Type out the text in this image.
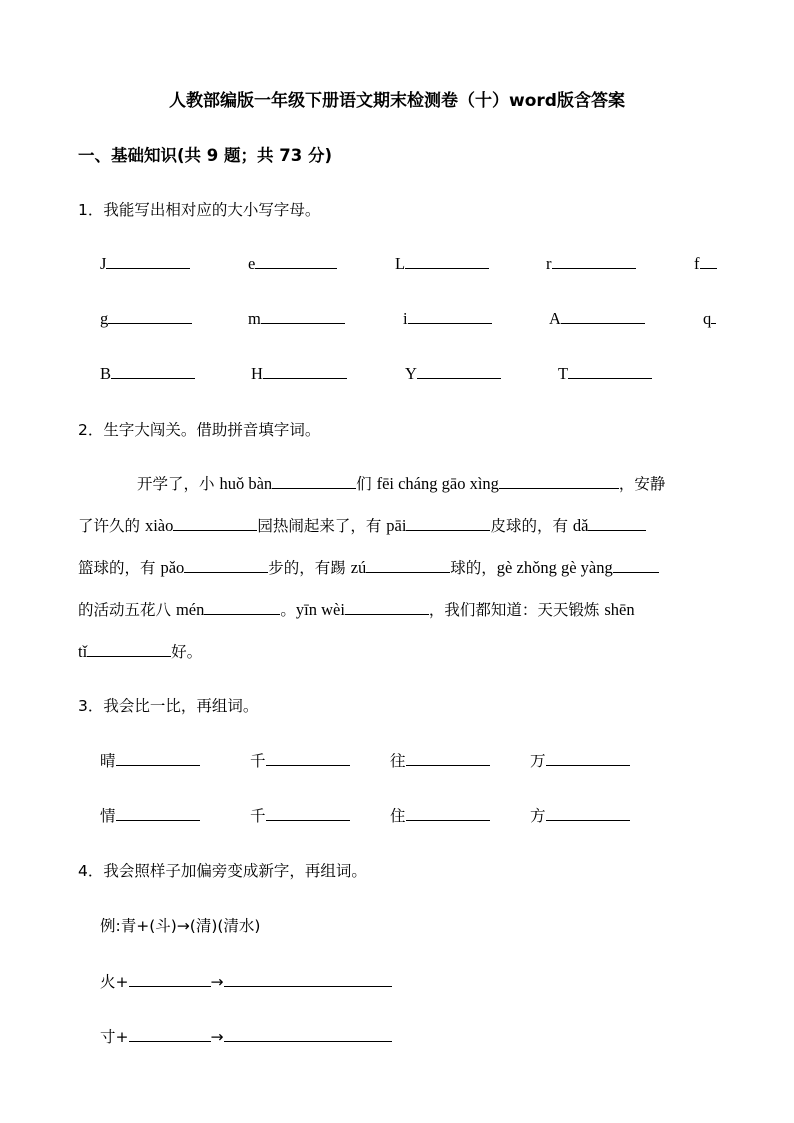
人教部编版一年级下册语文期末检测卷（十）word版含答案
一、基础知识(共 9 题；共 73 分)
1．我能写出相对应的大小写字母。
J	e	L	r	f
g	m	i	A	q
B	H	Y	T
2．生字大闯关。借助拼音填字词。
开学了，小 huǒ bàn	们 fēi cháng gāo xìng	，安静
了许久的 xiào	园热闹起来了，有 pāi	皮球的，有 dǎ
篮球的，有 pǎo	步的，有踢 zú	球的，gè zhǒng gè yàng
的活动五花八 mén	。yīn wèi	，我们都知道：天天锻炼 shēn
tǐ	好。
3．我会比一比，再组词。
晴	千	往	万
情	千	住	方
4．我会照样子加偏旁变成新字，再组词。
例:青+(斗)→(清)(清水)
火+	→
寸+	→
